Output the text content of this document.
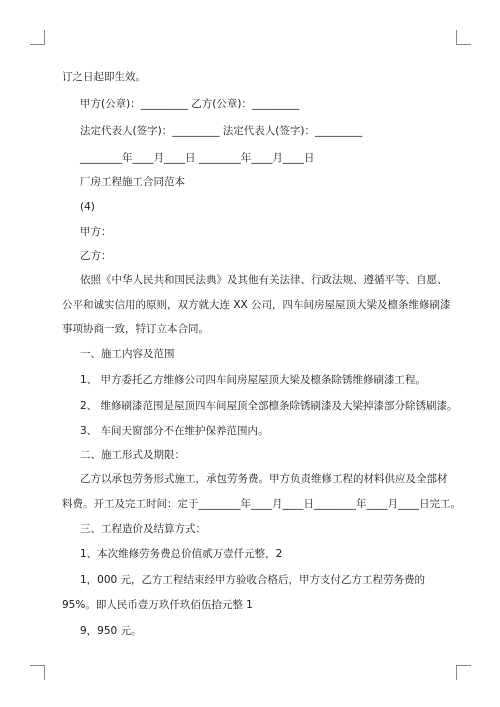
订之日起即生效。
甲方(公章)：_________ 乙方(公章)：_________
法定代表人(签字)：_________ 法定代表人(签字)：_________
________年____月____日 ________年____月____日
厂房工程施工合同范本
(4)
甲方：
乙方：
依照《中华人民共和国民法典》及其他有关法律、行政法规、遵循平等、自愿、
公平和诚实信用的原则，双方就大连 XX 公司，四车间房屋屋顶大梁及檩条维修刷漆
事项协商一致，特订立本合同。
一、施工内容及范围
1、 甲方委托乙方维修公司四车间房屋屋顶大梁及檩条除锈维修刷漆工程。
2、 维修刷漆范围是屋顶四车间屋顶全部檩条除锈刷漆及大梁掉漆部分除锈刷漆。
3、 车间天窗部分不在维护保养范围内。
二、施工形式及期限：
乙方以承包劳务形式施工，承包劳务费。甲方负责维修工程的材料供应及全部材
料费。开工及完工时间：定于________年____月____日________年____月____日完工。
三、工程造价及结算方式：
1、本次维修劳务费总价值贰万壹仟元整，2
1，000 元，乙方工程结束经甲方验收合格后，甲方支付乙方工程劳务费的
95%。即人民币壹万玖仟玖佰伍拾元整 1
9，950 元。
